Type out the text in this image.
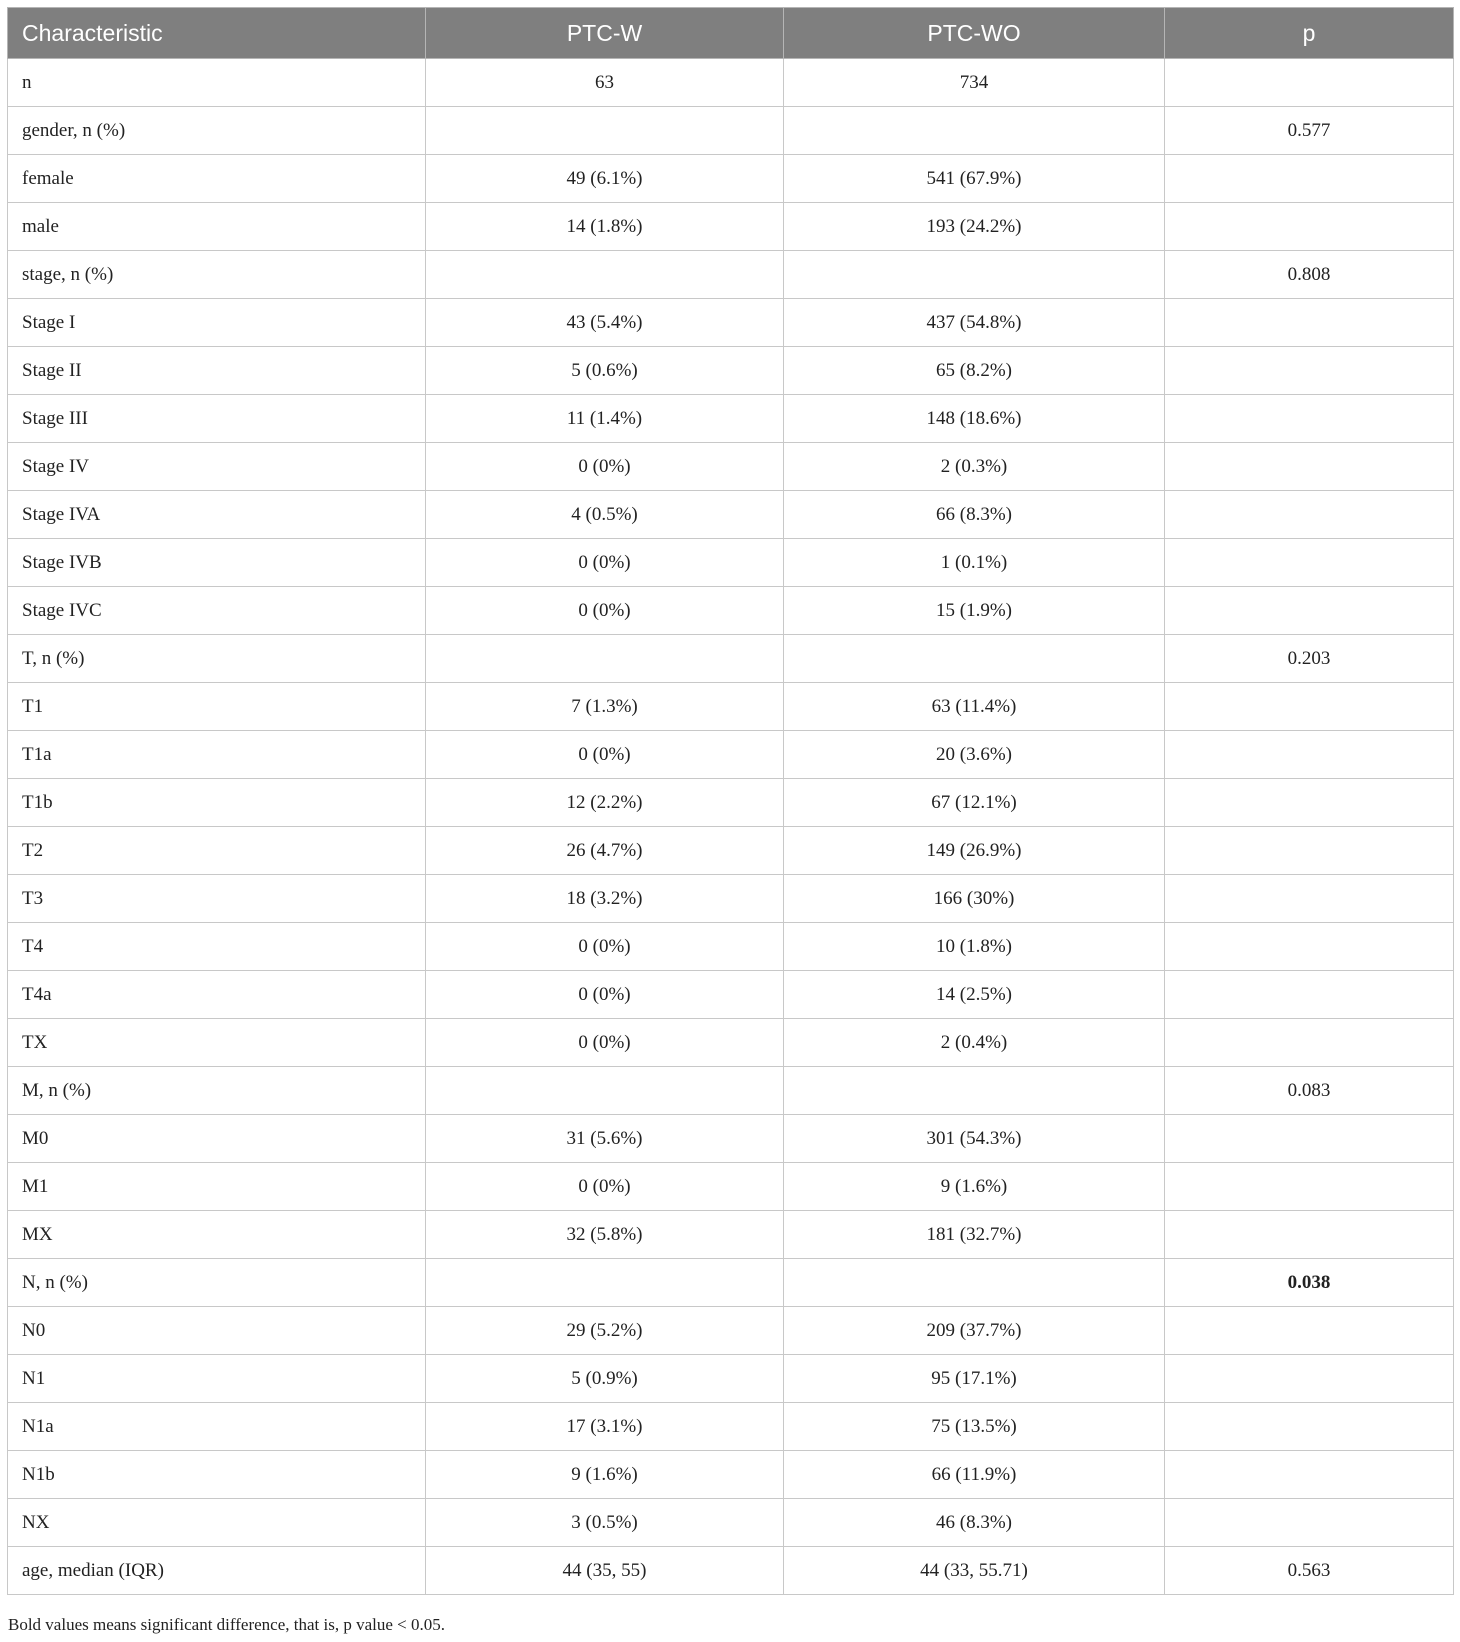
Characteristic	PTC-W	PTC-WO	p
n	63	734	
gender, n (%)			0.577
female	49 (6.1%)	541 (67.9%)	
male	14 (1.8%)	193 (24.2%)	
stage, n (%)			0.808
Stage I	43 (5.4%)	437 (54.8%)	
Stage II	5 (0.6%)	65 (8.2%)	
Stage III	11 (1.4%)	148 (18.6%)	
Stage IV	0 (0%)	2 (0.3%)	
Stage IVA	4 (0.5%)	66 (8.3%)	
Stage IVB	0 (0%)	1 (0.1%)	
Stage IVC	0 (0%)	15 (1.9%)	
T, n (%)			0.203
T1	7 (1.3%)	63 (11.4%)	
T1a	0 (0%)	20 (3.6%)	
T1b	12 (2.2%)	67 (12.1%)	
T2	26 (4.7%)	149 (26.9%)	
T3	18 (3.2%)	166 (30%)	
T4	0 (0%)	10 (1.8%)	
T4a	0 (0%)	14 (2.5%)	
TX	0 (0%)	2 (0.4%)	
M, n (%)			0.083
M0	31 (5.6%)	301 (54.3%)	
M1	0 (0%)	9 (1.6%)	
MX	32 (5.8%)	181 (32.7%)	
N, n (%)			0.038
N0	29 (5.2%)	209 (37.7%)	
N1	5 (0.9%)	95 (17.1%)	
N1a	17 (3.1%)	75 (13.5%)	
N1b	9 (1.6%)	66 (11.9%)	
NX	3 (0.5%)	46 (8.3%)	
age, median (IQR)	44 (35, 55)	44 (33, 55.71)	0.563
Bold values means significant difference, that is, p value < 0.05.
